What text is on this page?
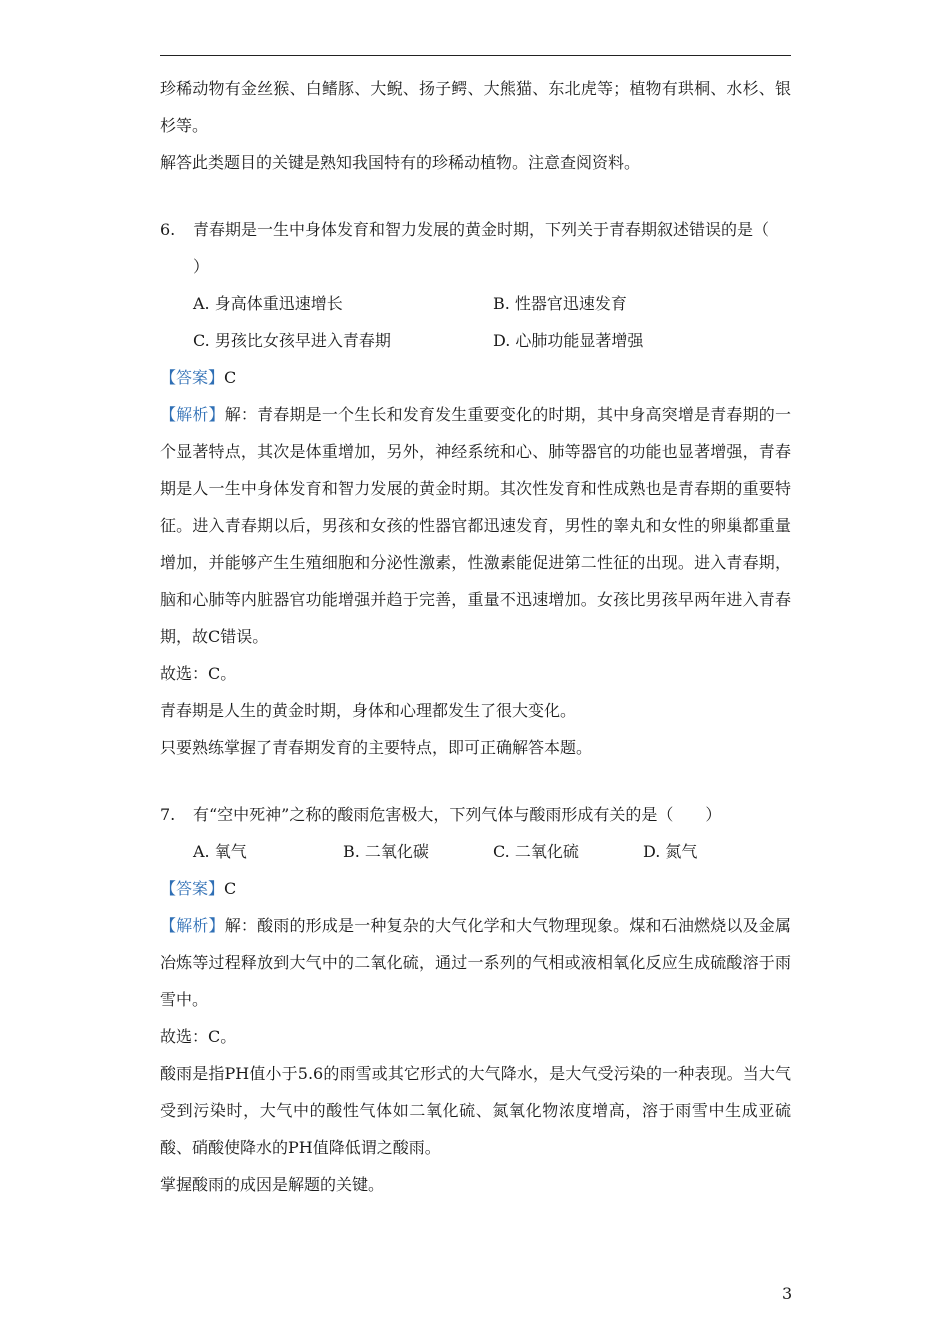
珍稀动物有金丝猴、白鳍豚、大鲵、扬子鳄、大熊猫、东北虎等；植物有珙桐、水杉、银杉等。

解答此类题目的关键是熟知我国特有的珍稀动植物。注意查阅资料。

6. 青春期是一生中身体发育和智力发展的黄金时期，下列关于青春期叙述错误的是（
）

A. 身高体重迅速增长	B. 性器官迅速发育
C. 男孩比女孩早进入青春期	D. 心肺功能显著增强

【答案】C

【解析】解：青春期是一个生长和发育发生重要变化的时期，其中身高突增是青春期的一个显著特点，其次是体重增加，另外，神经系统和心、肺等器官的功能也显著增强，青春期是人一生中身体发育和智力发展的黄金时期。其次性发育和性成熟也是青春期的重要特征。进入青春期以后，男孩和女孩的性器官都迅速发育，男性的睾丸和女性的卵巢都重量增加，并能够产生生殖细胞和分泌性激素，性激素能促进第二性征的出现。进入青春期，脑和心肺等内脏器官功能增强并趋于完善，重量不迅速增加。女孩比男孩早两年进入青春期，故C错误。

故选：C。

青春期是人生的黄金时期，身体和心理都发生了很大变化。

只要熟练掌握了青春期发育的主要特点，即可正确解答本题。

7. 有“空中死神”之称的酸雨危害极大，下列气体与酸雨形成有关的是（　　）

A. 氧气	B. 二氧化碳	C. 二氧化硫	D. 氮气

【答案】C

【解析】解：酸雨的形成是一种复杂的大气化学和大气物理现象。煤和石油燃烧以及金属冶炼等过程释放到大气中的二氧化硫，通过一系列的气相或液相氧化反应生成硫酸溶于雨雪中。

故选：C。

酸雨是指PH值小于5.6的雨雪或其它形式的大气降水，是大气受污染的一种表现。当大气受到污染时，大气中的酸性气体如二氧化硫、氮氧化物浓度增高，溶于雨雪中生成亚硫酸、硝酸使降水的PH值降低谓之酸雨。

掌握酸雨的成因是解题的关键。

3
